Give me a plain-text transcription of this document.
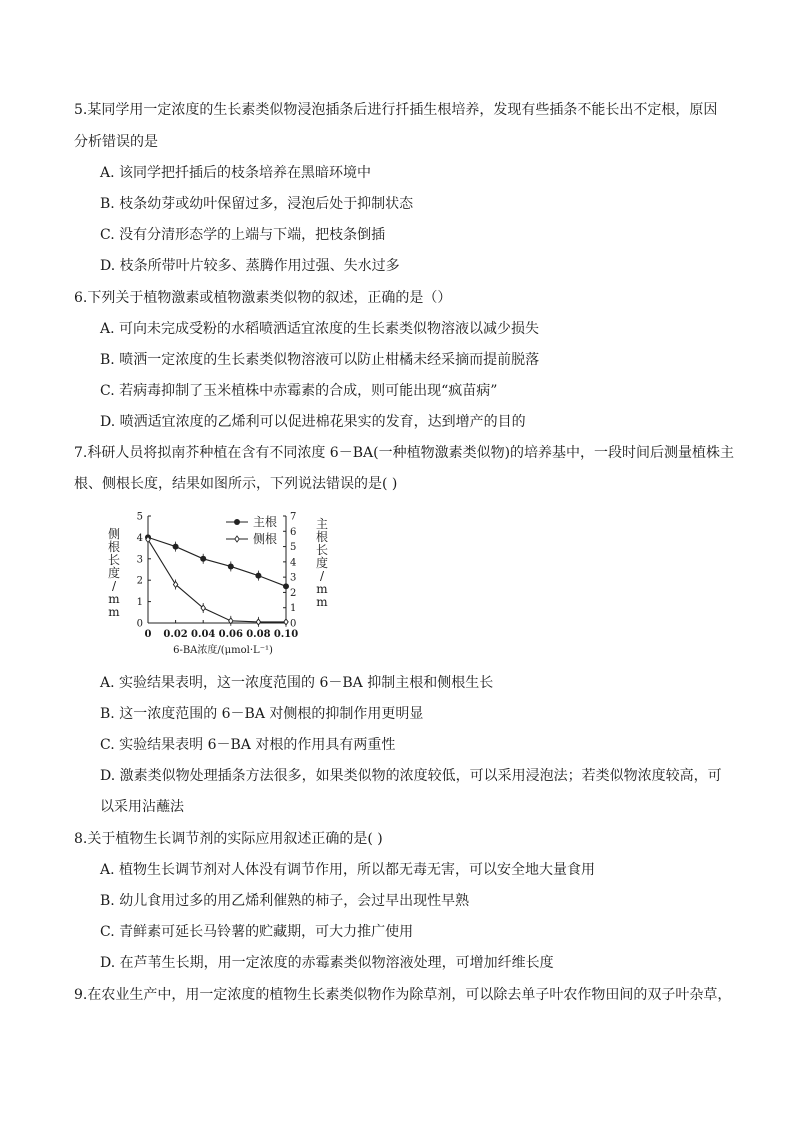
5.某同学用一定浓度的生长素类似物浸泡插条后进行扦插生根培养，发现有些插条不能长出不定根，原因
分析错误的是
A. 该同学把扦插后的枝条培养在黑暗环境中
B. 枝条幼芽或幼叶保留过多，浸泡后处于抑制状态
C. 没有分清形态学的上端与下端，把枝条倒插
D. 枝条所带叶片较多、蒸腾作用过强、失水过多
6.下列关于植物激素或植物激素类似物的叙述，正确的是（）
A. 可向未完成受粉的水稻喷洒适宜浓度的生长素类似物溶液以减少损失
B. 喷洒一定浓度的生长素类似物溶液可以防止柑橘未经采摘而提前脱落
C. 若病毒抑制了玉米植株中赤霉素的合成，则可能出现“疯苗病”
D. 喷洒适宜浓度的乙烯利可以促进棉花果实的发育，达到增产的目的
7.科研人员将拟南芥种植在含有不同浓度 6－BA(一种植物激素类似物)的培养基中，一段时间后测量植株主
根、侧根长度，结果如图所示，下列说法错误的是( )
0
1
2
3
4
5
0
1
2
3
4
5
6
7
0 0.02 0.04 0.06 0.08 0.10
6-BA浓度/(μmol·L⁻¹)
侧根长度/ m m
主根长度/ m m
主根
侧根
A. 实验结果表明，这一浓度范围的 6－BA 抑制主根和侧根生长
B. 这一浓度范围的 6－BA 对侧根的抑制作用更明显
C. 实验结果表明 6－BA 对根的作用具有两重性
D. 激素类似物处理插条方法很多，如果类似物的浓度较低，可以采用浸泡法；若类似物浓度较高，可
以采用沾蘸法
8.关于植物生长调节剂的实际应用叙述正确的是( )
A. 植物生长调节剂对人体没有调节作用，所以都无毒无害，可以安全地大量食用
B. 幼儿食用过多的用乙烯利催熟的柿子，会过早出现性早熟
C. 青鲜素可延长马铃薯的贮藏期，可大力推广使用
D. 在芦苇生长期，用一定浓度的赤霉素类似物溶液处理，可增加纤维长度
9.在农业生产中，用一定浓度的植物生长素类似物作为除草剂，可以除去单子叶农作物田间的双子叶杂草，
